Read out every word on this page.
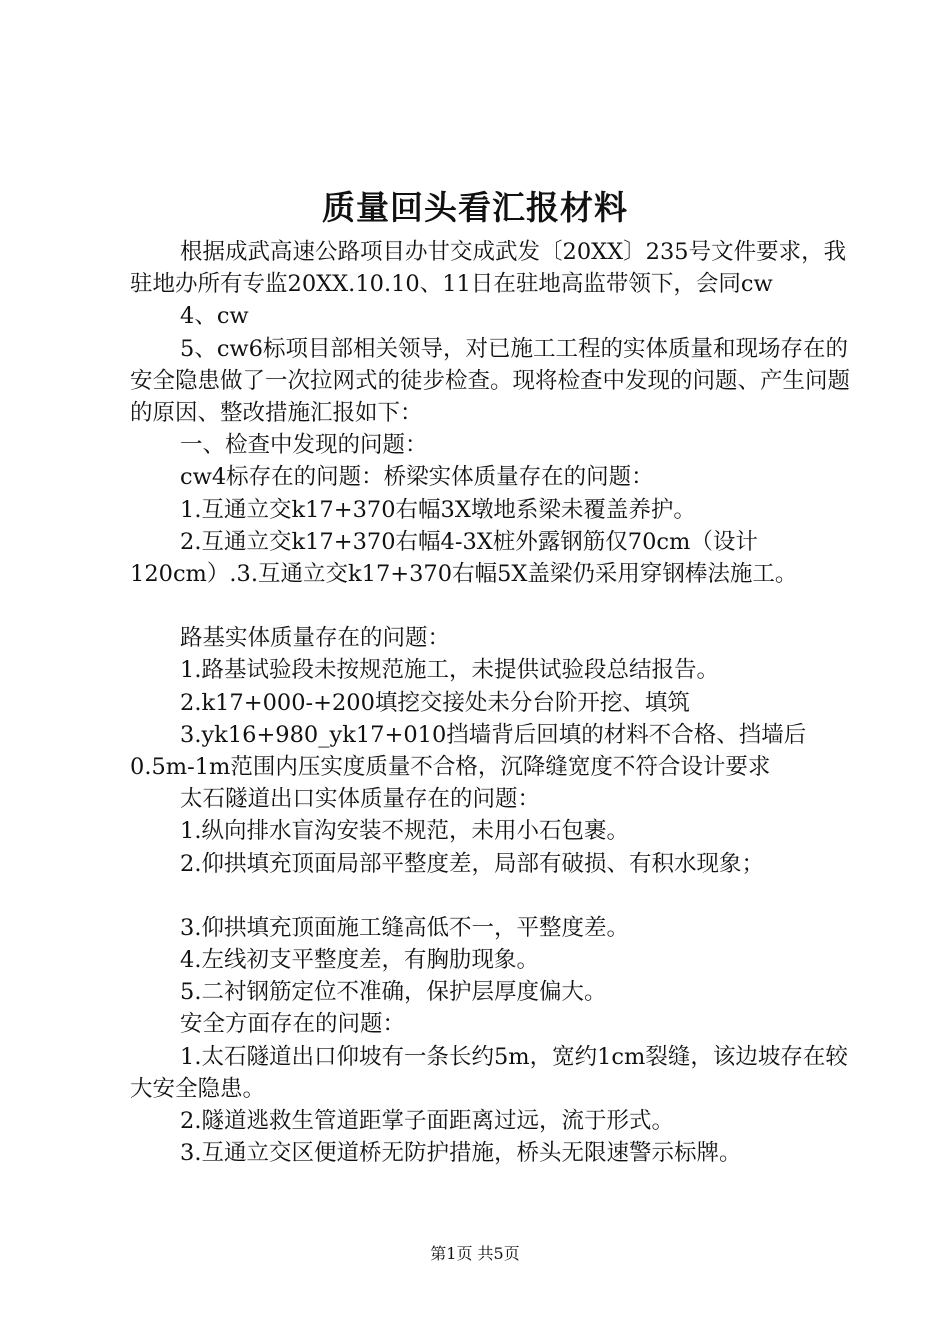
质量回头看汇报材料

根据成武高速公路项目办甘交成武发〔20XX〕235号文件要求，我驻地办所有专监20XX.10.10、11日在驻地高监带领下，会同cw

4、cw

5、cw6标项目部相关领导，对已施工工程的实体质量和现场存在的安全隐患做了一次拉网式的徒步检查。现将检查中发现的问题、产生问题的原因、整改措施汇报如下：

一、检查中发现的问题：

cw4标存在的问题：桥梁实体质量存在的问题：

1.互通立交k17+370右幅3X墩地系梁未覆盖养护。

2.互通立交k17+370右幅4-3X桩外露钢筋仅70cm（设计120cm）.3.互通立交k17+370右幅5X盖梁仍采用穿钢棒法施工。

路基实体质量存在的问题：

1.路基试验段未按规范施工，未提供试验段总结报告。

2.k17+000-+200填挖交接处未分台阶开挖、填筑

3.yk16+980_yk17+010挡墙背后回填的材料不合格、挡墙后0.5m-1m范围内压实度质量不合格，沉降缝宽度不符合设计要求

太石隧道出口实体质量存在的问题：

1.纵向排水盲沟安装不规范，未用小石包裹。

2.仰拱填充顶面局部平整度差，局部有破损、有积水现象；

3.仰拱填充顶面施工缝高低不一，平整度差。

4.左线初支平整度差，有胸肋现象。

5.二衬钢筋定位不准确，保护层厚度偏大。

安全方面存在的问题：

1.太石隧道出口仰坡有一条长约5m，宽约1cm裂缝，该边坡存在较大安全隐患。

2.隧道逃救生管道距掌子面距离过远，流于形式。

3.互通立交区便道桥无防护措施，桥头无限速警示标牌。

第1页 共5页
